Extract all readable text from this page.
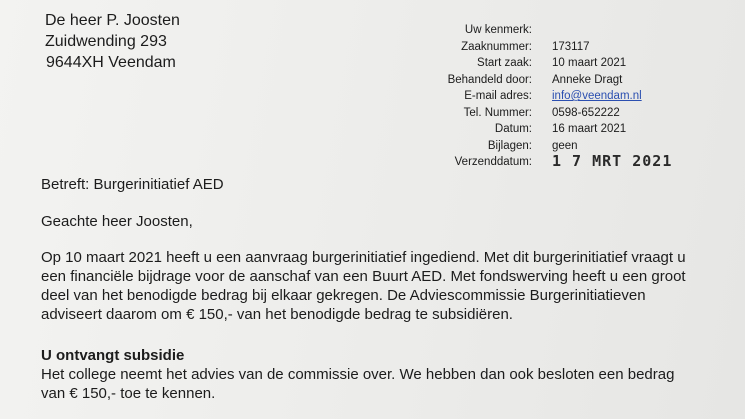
De heer P. Joosten
Zuidwending 293
9644XH Veendam
Uw kenmerk:
Zaaknummer: 173117
Start zaak: 10 maart 2021
Behandeld door: Anneke Dragt
E-mail adres: info@veendam.nl
Tel. Nummer: 0598-652222
Datum: 16 maart 2021
Bijlagen: geen
Verzenddatum: 1 7 MRT 2021
Betreft: Burgerinitiatief AED
Geachte heer Joosten,
Op 10 maart 2021 heeft u een aanvraag burgerinitiatief ingediend. Met dit burgerinitiatief vraagt u
een financiële bijdrage voor de aanschaf van een Buurt AED. Met fondswerving heeft u een groot
deel van het benodigde bedrag bij elkaar gekregen. De Adviescommissie Burgerinitiatieven
adviseert daarom om € 150,- van het benodigde bedrag te subsidiëren.
U ontvangt subsidie
Het college neemt het advies van de commissie over. We hebben dan ook besloten een bedrag
van € 150,- toe te kennen.
